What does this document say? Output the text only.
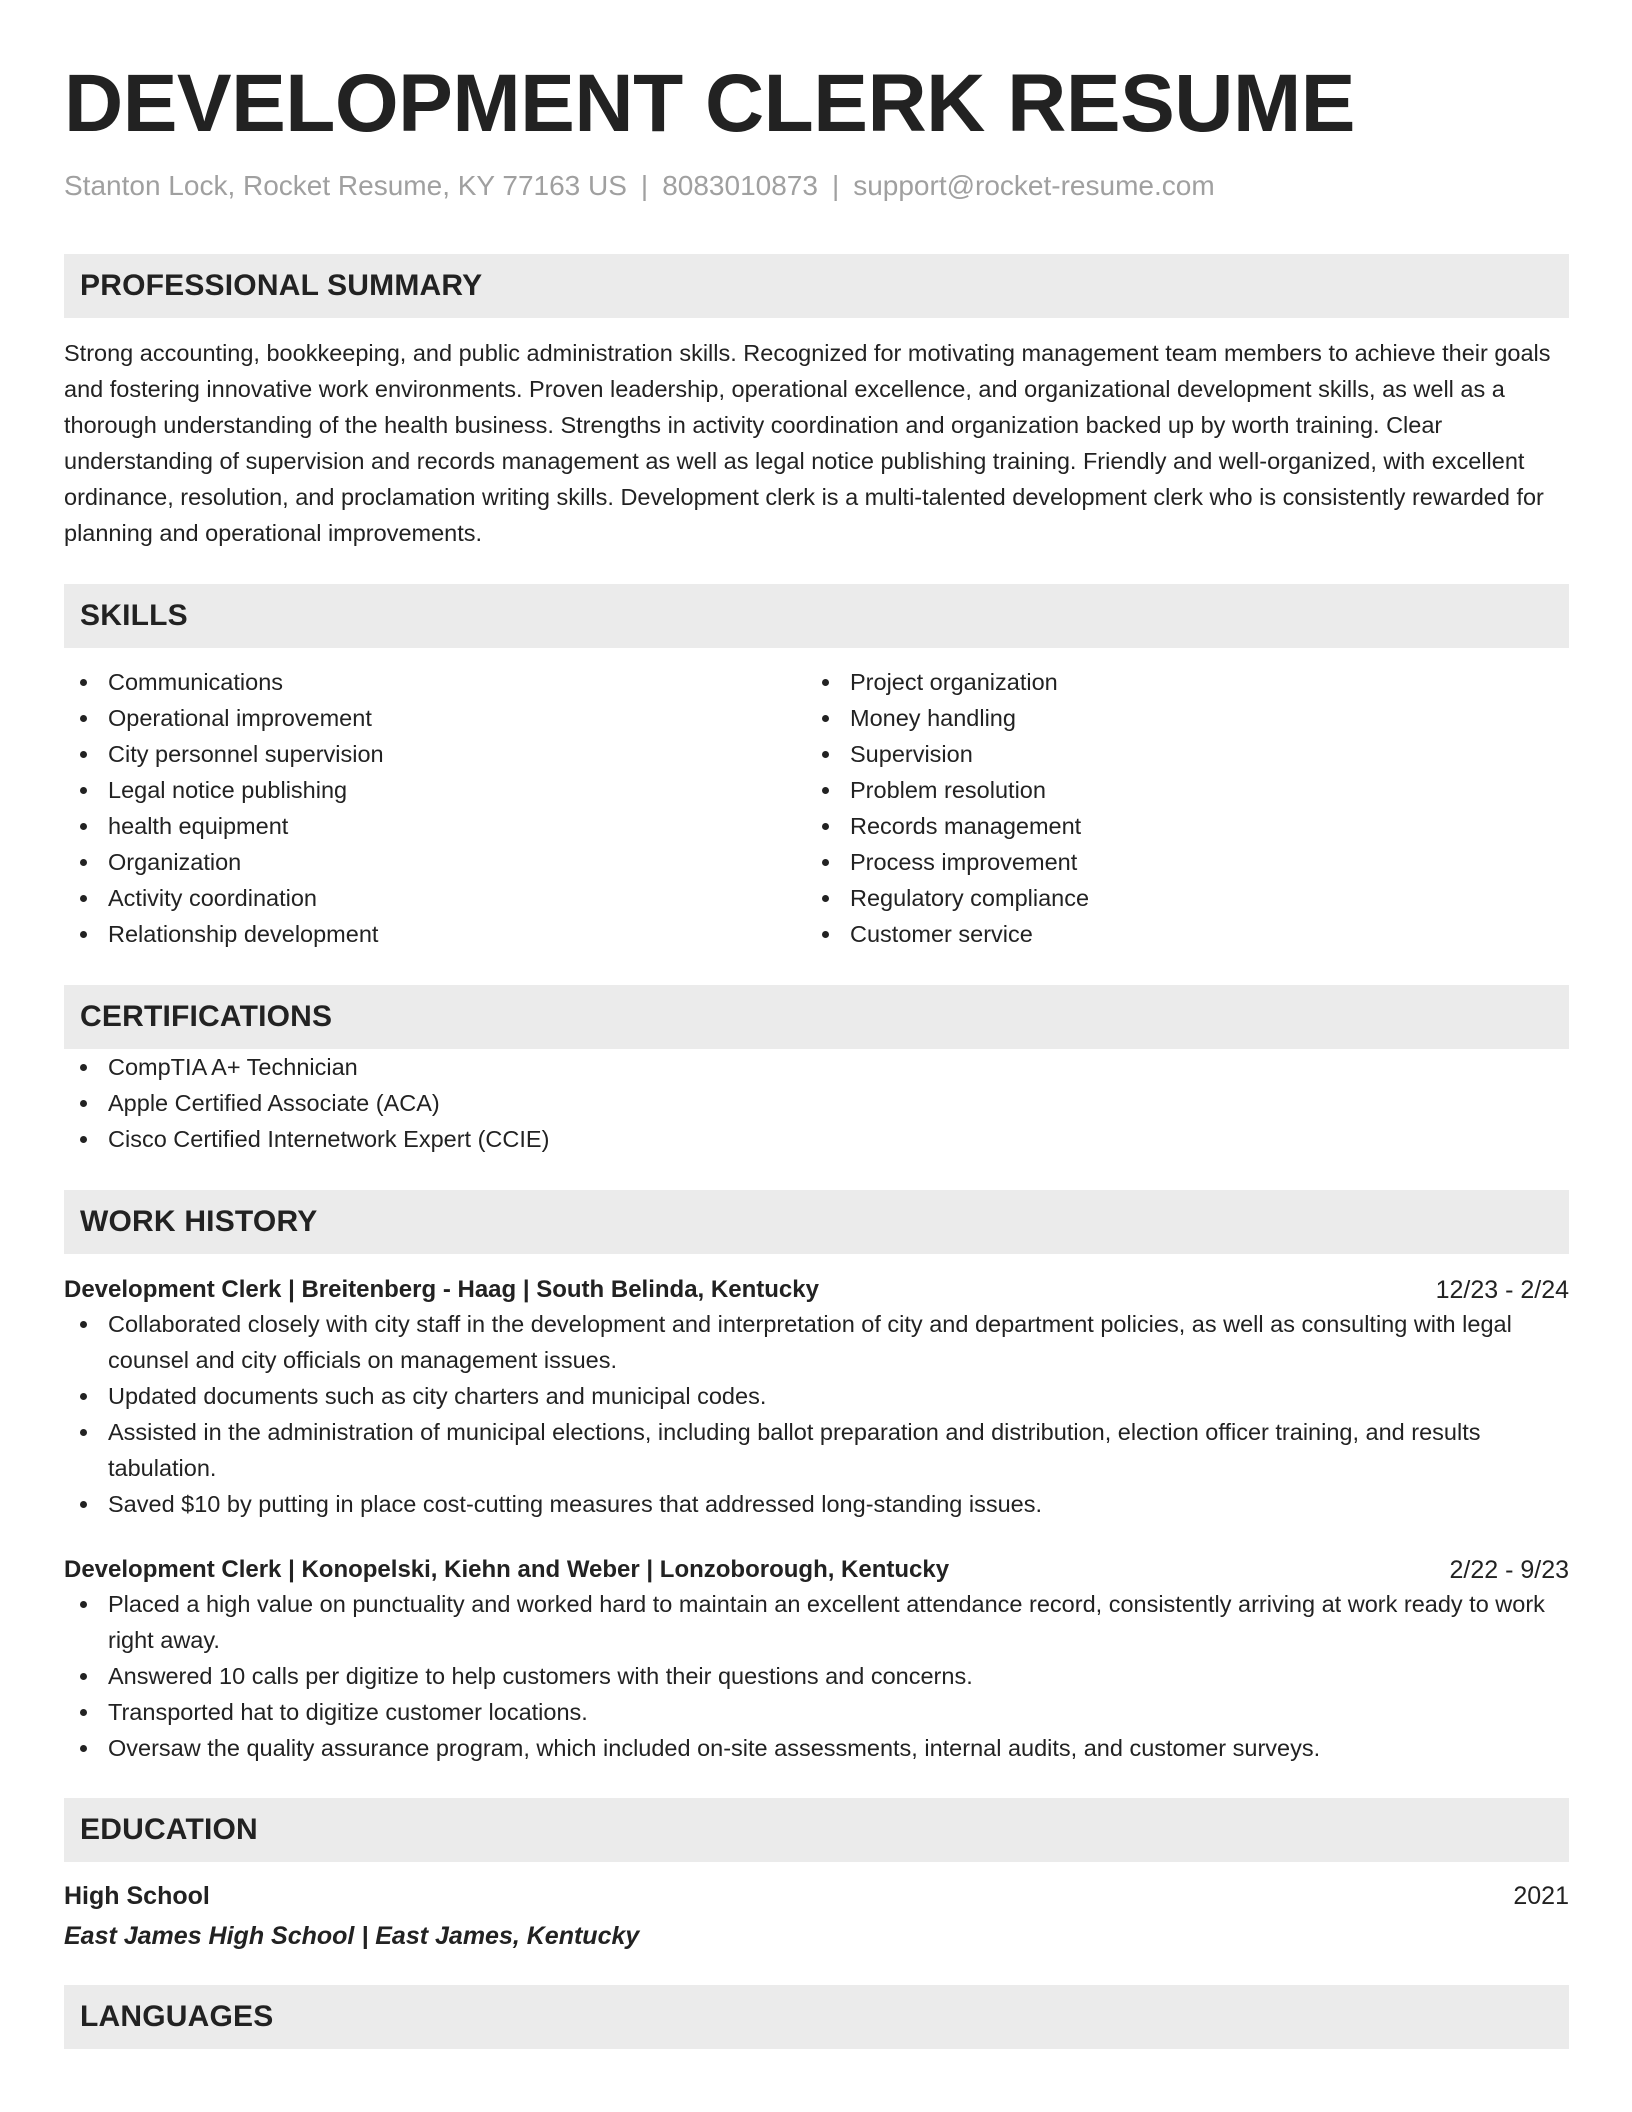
DEVELOPMENT CLERK RESUME
Stanton Lock, Rocket Resume, KY 77163 US | 8083010873 | support@rocket-resume.com
PROFESSIONAL SUMMARY

Strong accounting, bookkeeping, and public administration skills. Recognized for motivating management team members to achieve their goals and fostering innovative work environments. Proven leadership, operational excellence, and organizational development skills, as well as a thorough understanding of the health business. Strengths in activity coordination and organization backed up by worth training. Clear understanding of supervision and records management as well as legal notice publishing training. Friendly and well-organized, with excellent ordinance, resolution, and proclamation writing skills. Development clerk is a multi-talented development clerk who is consistently rewarded for planning and operational improvements.

SKILLS
Communications
Operational improvement
City personnel supervision
Legal notice publishing
health equipment
Organization
Activity coordination
Relationship development
Project organization
Money handling
Supervision
Problem resolution
Records management
Process improvement
Regulatory compliance
Customer service
CERTIFICATIONS
CompTIA A+ Technician
Apple Certified Associate (ACA)
Cisco Certified Internetwork Expert (CCIE)
WORK HISTORY
Development Clerk | Breitenberg - Haag | South Belinda, Kentucky	12/23 - 2/24
Collaborated closely with city staff in the development and interpretation of city and department policies, as well as consulting with legal counsel and city officials on management issues.
Updated documents such as city charters and municipal codes.
Assisted in the administration of municipal elections, including ballot preparation and distribution, election officer training, and results tabulation.
Saved $10 by putting in place cost-cutting measures that addressed long-standing issues.
Development Clerk | Konopelski, Kiehn and Weber | Lonzoborough, Kentucky	2/22 - 9/23
Placed a high value on punctuality and worked hard to maintain an excellent attendance record, consistently arriving at work ready to work right away.
Answered 10 calls per digitize to help customers with their questions and concerns.
Transported hat to digitize customer locations.
Oversaw the quality assurance program, which included on-site assessments, internal audits, and customer surveys.
EDUCATION
High School	2021
East James High School | East James, Kentucky
LANGUAGES
